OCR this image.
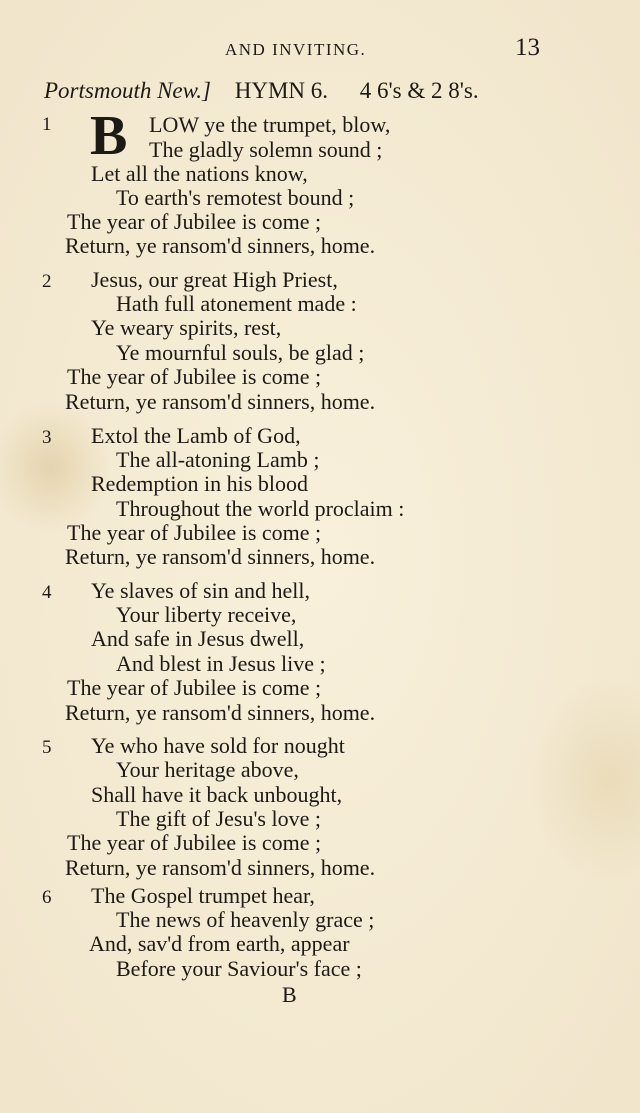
AND INVITING.	13
Portsmouth New.] HYMN 6. 4 6's & 2 8's.
B
1	LOW ye the trumpet, blow,
The gladly solemn sound ;
Let all the nations know,
To earth's remotest bound ;
The year of Jubilee is come ;
Return, ye ransom'd sinners, home.
2 Jesus, our great High Priest,
Hath full atonement made :
Ye weary spirits, rest,
Ye mournful souls, be glad ;
The year of Jubilee is come ;
Return, ye ransom'd sinners, home.
3 Extol the Lamb of God,
The all-atoning Lamb ;
Redemption in his blood
Throughout the world proclaim :
The year of Jubilee is come ;
Return, ye ransom'd sinners, home.
4 Ye slaves of sin and hell,
Your liberty receive,
And safe in Jesus dwell,
And blest in Jesus live ;
The year of Jubilee is come ;
Return, ye ransom'd sinners, home.
5 Ye who have sold for nought
Your heritage above,
Shall have it back unbought,
The gift of Jesu's love ;
The year of Jubilee is come ;
Return, ye ransom'd sinners, home.
6 The Gospel trumpet hear,
The news of heavenly grace ;
And, sav'd from earth, appear
Before your Saviour's face ;
B
